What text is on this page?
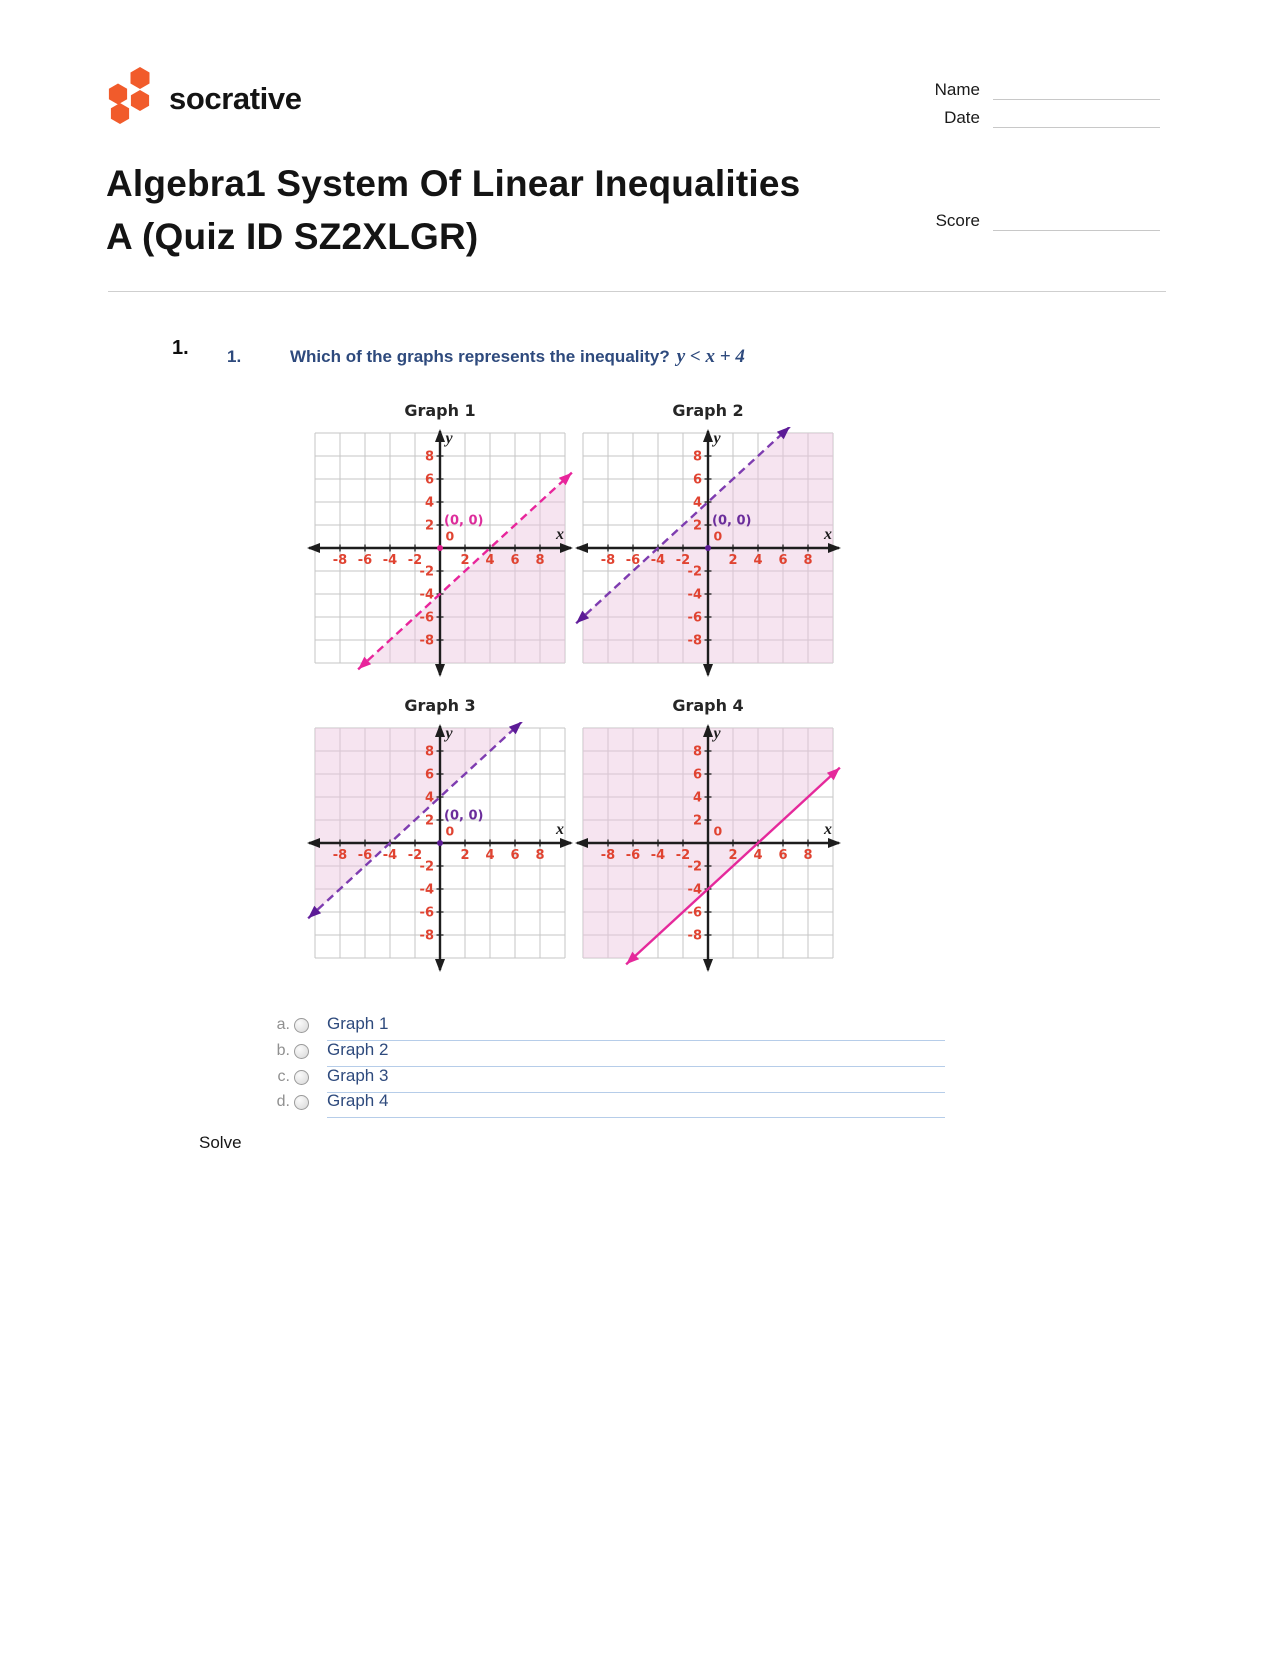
socrative	Name
Date
Score
Algebra1 System Of Linear Inequalities A (Quiz ID SZ2XLGR)
1. 1.	Which of the graphs represents the inequality? y < x + 4
Graph 1
-8 -6 -4 -2	2 4 6 8
8
6
4
2
-2
-4
-6
-8
0
(0, 0)
x
y
Graph 2
-8 -6 -4 -2	2 4 6 8
8
6
4
2
-2
-4
-6
-8
0
(0, 0)
x
y
Graph 3
-8 -6 -4 -2	2 4 6 8
8
6
4
2
-2
-4
-6
-8
0
(0, 0)
x
y
Graph 4
-8 -6 -4 -2	2 4 6 8
8
6
4
2
-2
-4
-6
-8
0	x
y
a. Graph 1
b. Graph 2
c. Graph 3
d. Graph 4
Solve
